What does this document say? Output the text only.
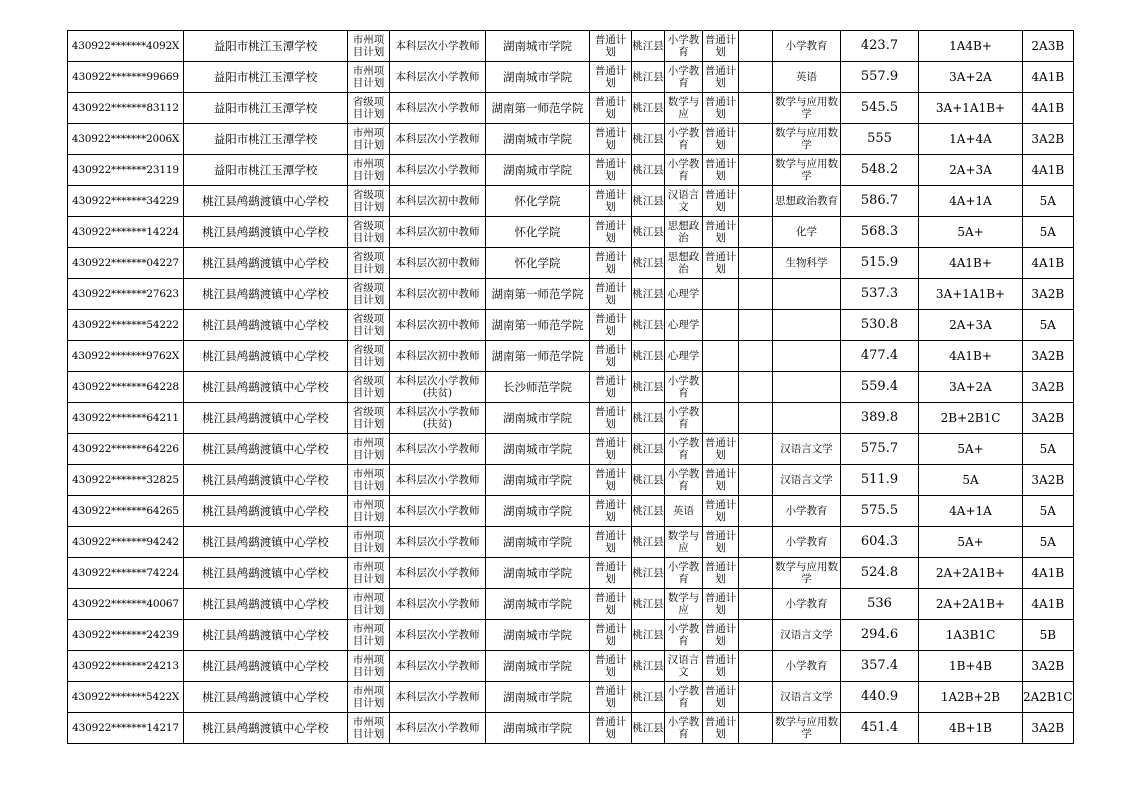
430922*******4092X	益阳市桃江玉潭学校	市州项目计划	本科层次小学教师	湖南城市学院	普通计划	桃江县	小学教育	普通计划		小学教育	423.7	1A4B+	2A3B
430922*******99669	益阳市桃江玉潭学校	市州项目计划	本科层次小学教师	湖南城市学院	普通计划	桃江县	小学教育	普通计划		英语	557.9	3A+2A	4A1B
430922*******83112	益阳市桃江玉潭学校	省级项目计划	本科层次小学教师	湖南第一师范学院	普通计划	桃江县	数学与应	普通计划		数学与应用数学	545.5	3A+1A1B+	4A1B
430922*******2006X	益阳市桃江玉潭学校	市州项目计划	本科层次小学教师	湖南城市学院	普通计划	桃江县	小学教育	普通计划		数学与应用数学	555	1A+4A	3A2B
430922*******23119	益阳市桃江玉潭学校	市州项目计划	本科层次小学教师	湖南城市学院	普通计划	桃江县	小学教育	普通计划		数学与应用数学	548.2	2A+3A	4A1B
430922*******34229	桃江县鸬鹚渡镇中心学校	省级项目计划	本科层次初中教师	怀化学院	普通计划	桃江县	汉语言文	普通计划		思想政治教育	586.7	4A+1A	5A
430922*******14224	桃江县鸬鹚渡镇中心学校	省级项目计划	本科层次初中教师	怀化学院	普通计划	桃江县	思想政治	普通计划		化学	568.3	5A+	5A
430922*******04227	桃江县鸬鹚渡镇中心学校	省级项目计划	本科层次初中教师	怀化学院	普通计划	桃江县	思想政治	普通计划		生物科学	515.9	4A1B+	4A1B
430922*******27623	桃江县鸬鹚渡镇中心学校	省级项目计划	本科层次初中教师	湖南第一师范学院	普通计划	桃江县	心理学				537.3	3A+1A1B+	3A2B
430922*******54222	桃江县鸬鹚渡镇中心学校	省级项目计划	本科层次初中教师	湖南第一师范学院	普通计划	桃江县	心理学				530.8	2A+3A	5A
430922*******9762X	桃江县鸬鹚渡镇中心学校	省级项目计划	本科层次初中教师	湖南第一师范学院	普通计划	桃江县	心理学				477.4	4A1B+	3A2B
430922*******64228	桃江县鸬鹚渡镇中心学校	省级项目计划	本科层次小学教师(扶贫)	长沙师范学院	普通计划	桃江县	小学教育				559.4	3A+2A	3A2B
430922*******64211	桃江县鸬鹚渡镇中心学校	省级项目计划	本科层次小学教师(扶贫)	湖南城市学院	普通计划	桃江县	小学教育				389.8	2B+2B1C	3A2B
430922*******64226	桃江县鸬鹚渡镇中心学校	市州项目计划	本科层次小学教师	湖南城市学院	普通计划	桃江县	小学教育	普通计划		汉语言文学	575.7	5A+	5A
430922*******32825	桃江县鸬鹚渡镇中心学校	市州项目计划	本科层次小学教师	湖南城市学院	普通计划	桃江县	小学教育	普通计划		汉语言文学	511.9	5A	3A2B
430922*******64265	桃江县鸬鹚渡镇中心学校	市州项目计划	本科层次小学教师	湖南城市学院	普通计划	桃江县	英语	普通计划		小学教育	575.5	4A+1A	5A
430922*******94242	桃江县鸬鹚渡镇中心学校	市州项目计划	本科层次小学教师	湖南城市学院	普通计划	桃江县	数学与应	普通计划		小学教育	604.3	5A+	5A
430922*******74224	桃江县鸬鹚渡镇中心学校	市州项目计划	本科层次小学教师	湖南城市学院	普通计划	桃江县	小学教育	普通计划		数学与应用数学	524.8	2A+2A1B+	4A1B
430922*******40067	桃江县鸬鹚渡镇中心学校	市州项目计划	本科层次小学教师	湖南城市学院	普通计划	桃江县	数学与应	普通计划		小学教育	536	2A+2A1B+	4A1B
430922*******24239	桃江县鸬鹚渡镇中心学校	市州项目计划	本科层次小学教师	湖南城市学院	普通计划	桃江县	小学教育	普通计划		汉语言文学	294.6	1A3B1C	5B
430922*******24213	桃江县鸬鹚渡镇中心学校	市州项目计划	本科层次小学教师	湖南城市学院	普通计划	桃江县	汉语言文	普通计划		小学教育	357.4	1B+4B	3A2B
430922*******5422X	桃江县鸬鹚渡镇中心学校	市州项目计划	本科层次小学教师	湖南城市学院	普通计划	桃江县	小学教育	普通计划		汉语言文学	440.9	1A2B+2B	2A2B1C
430922*******14217	桃江县鸬鹚渡镇中心学校	市州项目计划	本科层次小学教师	湖南城市学院	普通计划	桃江县	小学教育	普通计划		数学与应用数学	451.4	4B+1B	3A2B
